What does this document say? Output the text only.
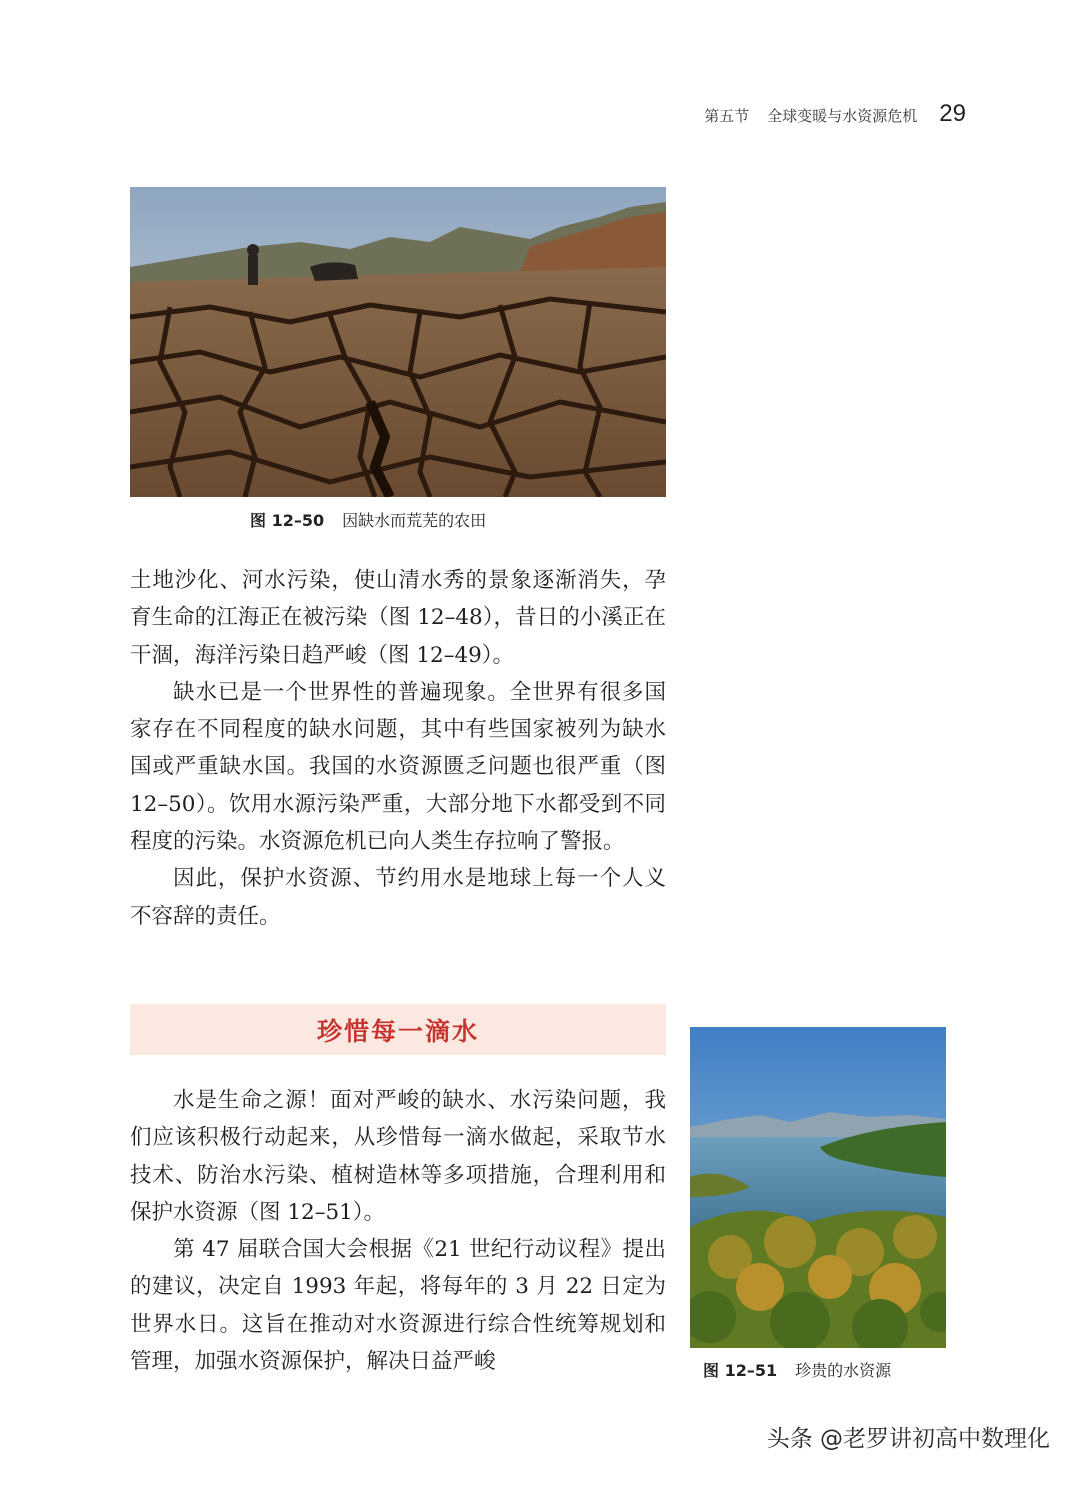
第五节 全球变暖与水资源危机 29
图 12–50 因缺水而荒芜的农田

土地沙化、河水污染，使山清水秀的景象逐渐消失，孕育生命的江海正在被污染（图 12–48），昔日的小溪正在干涸，海洋污染日趋严峻（图 12–49）。

缺水已是一个世界性的普遍现象。全世界有很多国家存在不同程度的缺水问题，其中有些国家被列为缺水国或严重缺水国。我国的水资源匮乏问题也很严重（图 12–50）。饮用水源污染严重，大部分地下水都受到不同程度的污染。水资源危机已向人类生存拉响了警报。

因此，保护水资源、节约用水是地球上每一个人义不容辞的责任。

珍惜每一滴水

水是生命之源！面对严峻的缺水、水污染问题，我们应该积极行动起来，从珍惜每一滴水做起，采取节水技术、防治水污染、植树造林等多项措施，合理利用和保护水资源（图 12–51）。

第 47 届联合国大会根据《21 世纪行动议程》提出的建议，决定自 1993 年起，将每年的 3 月 22 日定为世界水日。这旨在推动对水资源进行综合性统筹规划和管理，加强水资源保护，解决日益严峻	图 12–51 珍贵的水资源
头条 @老罗讲初高中数理化
